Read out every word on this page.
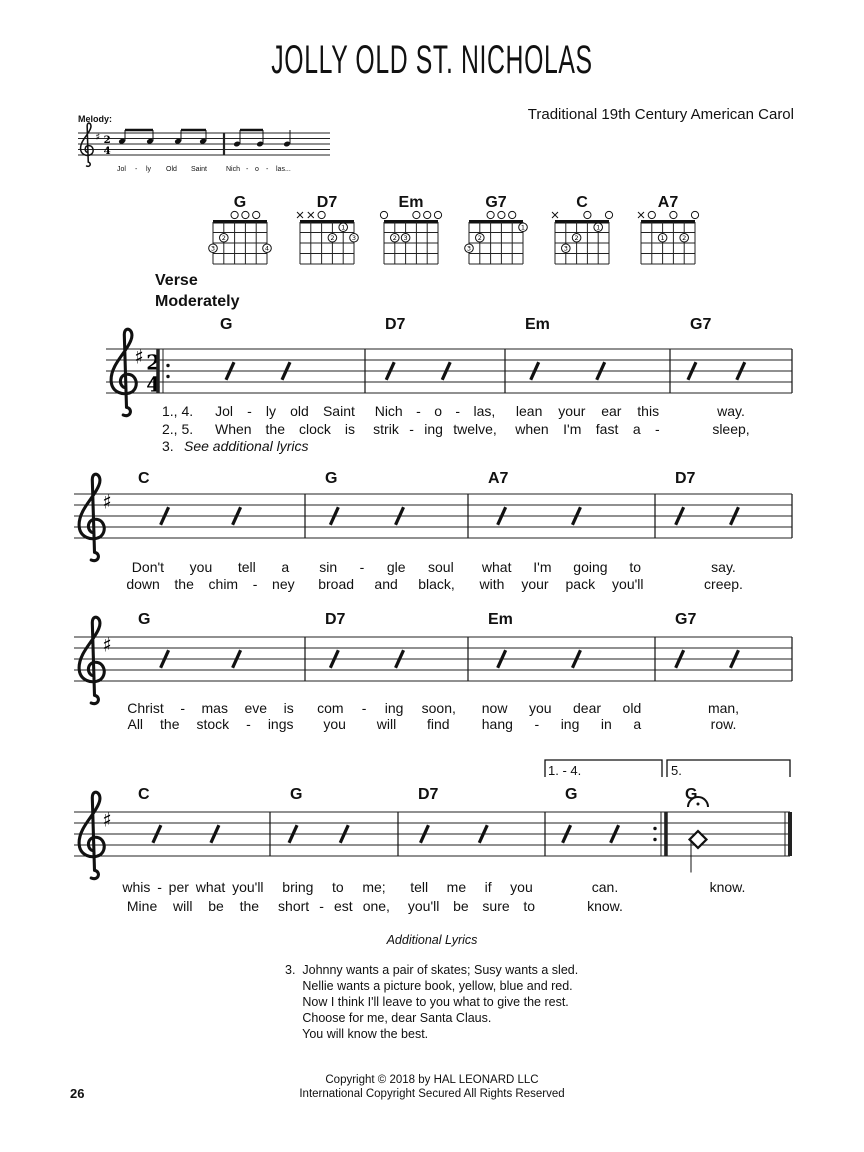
♯ 2
4
2
3	4
1
2	3	2 3
1
2
3
1
2
3
1	2
♯ 2
4
♯
♯
♯
JOLLY OLD ST. NICHOLAS
Traditional 19th Century American Carol
Melody:
G	D7	Em	G7	C	A7
Verse
Moderately
G
Jol - ly old Saint
When the clock is
D7
Nich - o - las,
strik - ing twelve,
Em
lean your ear this
when I'm fast a -
G7
way.
sleep,
C
Don't you tell a
down the chim - ney
G
sin - gle soul
broad and black,
A7
what I'm going to
with your pack you'll
D7
say.
creep.
G
Christ - mas eve is
All the stock - ings
D7
com - ing soon,
you will find
Em
now you dear old
hang - ing in a
G7
man,
row.
C
whis - per what you'll
Mine will be the
G
bring to me;
short - est one,
D7
tell me if you
you'll be sure to
G
can.
know.
G
know.
1., 4.
2., 5.
3. See additional lyrics
1. - 4.	5.
Additional Lyrics
3.  Johnny wants a pair of skates; Susy wants a sled.
Nellie wants a picture book, yellow, blue and red.
Now I think I'll leave to you what to give the rest.
Choose for me, dear Santa Claus.
You will know the best.
26
Copyright © 2018 by HAL LEONARD LLC
International Copyright Secured All Rights Reserved
Jol - ly Old Saint	Nich - o - las...
